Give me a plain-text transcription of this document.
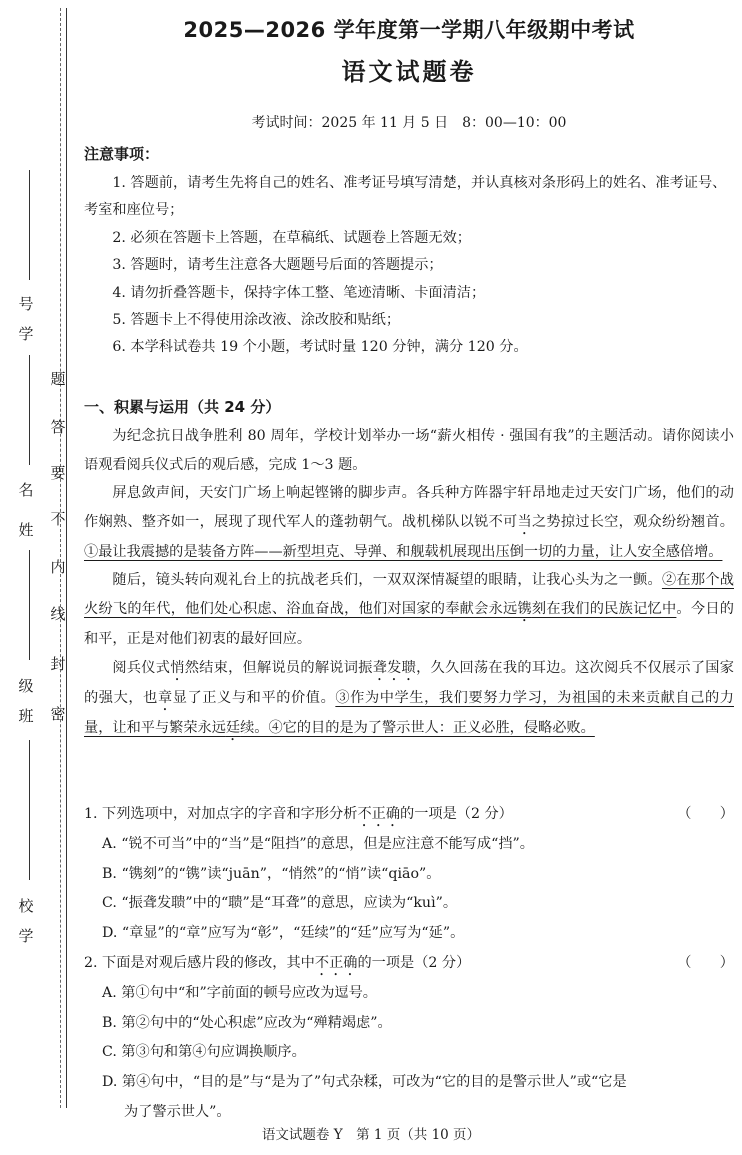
号
学
名
姓
级
班
校
学
密
封
线
内
不
要
答
题
2025—2026 学年度第一学期八年级期中考试
语文试题卷
考试时间：2025 年 11 月 5 日　8：00—10：00
注意事项：

1. 答题前，请考生先将自己的姓名、准考证号填写清楚，并认真核对条形码上的姓名、准考证号、考室和座位号；

2. 必须在答题卡上答题，在草稿纸、试题卷上答题无效；

3. 答题时，请考生注意各大题题号后面的答题提示；

4. 请勿折叠答题卡，保持字体工整、笔迹清晰、卡面清洁；

5. 答题卡上不得使用涂改液、涂改胶和贴纸；

6. 本学科试卷共 19 个小题，考试时量 120 分钟，满分 120 分。

一、积累与运用（共 24 分）

为纪念抗日战争胜利 80 周年，学校计划举办一场“薪火相传 · 强国有我”的主题活动。请你阅读小语观看阅兵仪式后的观后感，完成 1～3 题。

屏息敛声间，天安门广场上响起铿锵的脚步声。各兵种方阵器宇轩昂地走过天安门广场，他们的动作娴熟、整齐如一，展现了现代军人的蓬勃朝气。战机梯队以锐不可当之势掠过长空，观众纷纷翘首。①最让我震撼的是装备方阵——新型坦克、导弹、和舰载机展现出压倒一切的力量，让人安全感倍增。

随后，镜头转向观礼台上的抗战老兵们，一双双深情凝望的眼睛，让我心头为之一颤。②在那个战火纷飞的年代，他们处心积虑、浴血奋战，他们对国家的奉献会永远镌刻在我们的民族记忆中。今日的和平，正是对他们初衷的最好回应。

阅兵仪式悄然结束，但解说员的解说词振聋发聩，久久回荡在我的耳边。这次阅兵不仅展示了国家的强大，也章显了正义与和平的价值。③作为中学生，我们要努力学习，为祖国的未来贡献自己的力量，让和平与繁荣永远廷续。④它的目的是为了警示世人：正义必胜，侵略必败。

1. 下列选项中，对加点字的字音和字形分析不正确的一项是（2 分）	（　　）

A. “锐不可当”中的“当”是“阻挡”的意思，但是应注意不能写成“挡”。

B. “镌刻”的“镌”读“juān”，“悄然”的“悄”读“qiāo”。

C. “振聋发聩”中的“聩”是“耳聋”的意思，应读为“kuì”。

D. “章显”的“章”应写为“彰”，“廷续”的“廷”应写为“延”。

2. 下面是对观后感片段的修改，其中不正确的一项是（2 分）	（　　）

A. 第①句中“和”字前面的顿号应改为逗号。

B. 第②句中的“处心积虑”应改为“殚精竭虑”。

C. 第③句和第④句应调换顺序。

D. 第④句中，“目的是”与“是为了”句式杂糅，可改为“它的目的是警示世人”或“它是

为了警示世人”。

语文试题卷 Y　第 1 页（共 10 页）
